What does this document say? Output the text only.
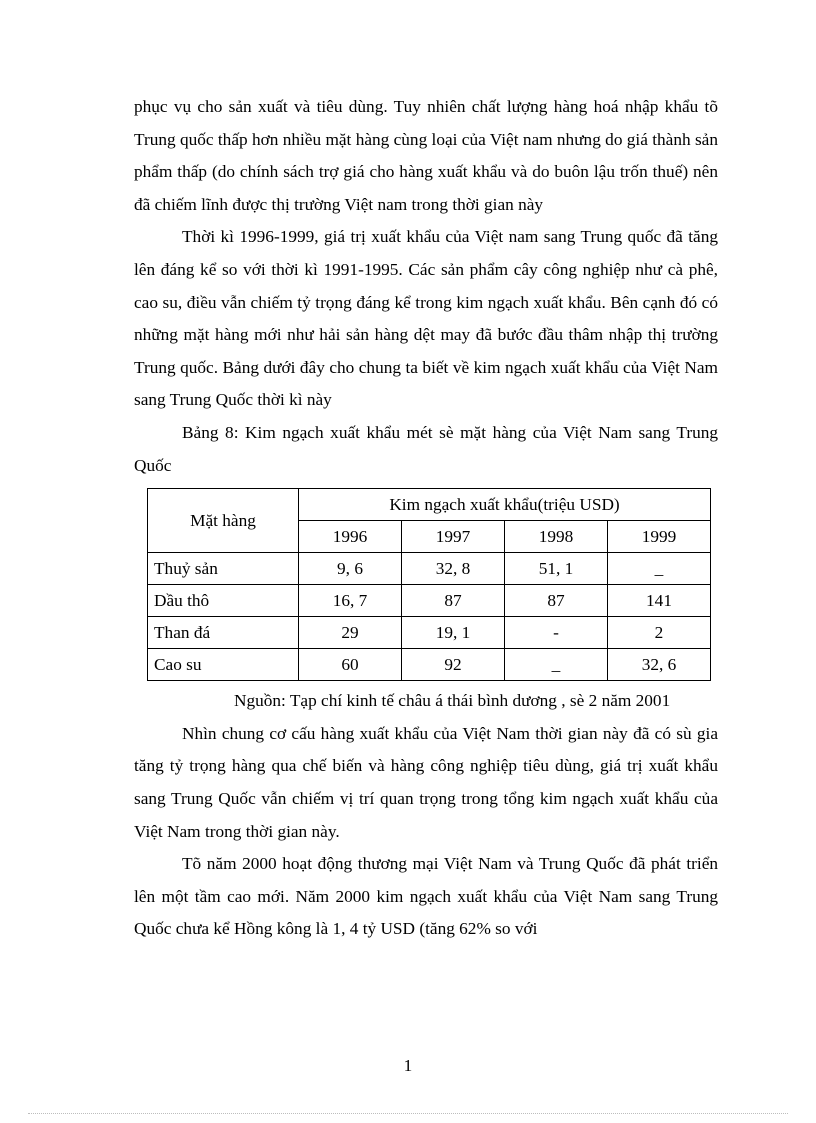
phục vụ cho sản xuất và tiêu dùng. Tuy nhiên chất lượng hàng hoá nhập khẩu tõ Trung quốc thấp hơn nhiều mặt hàng cùng loại của Việt nam nhưng do giá thành sản phẩm thấp (do chính sách trợ giá cho hàng xuất khẩu và do buôn lậu trốn thuế) nên đã chiếm lĩnh được thị trường Việt nam trong thời gian này

Thời kì 1996-1999, giá trị xuất khẩu của Việt nam sang Trung quốc đã tăng lên đáng kể so với thời kì 1991-1995. Các sản phẩm cây công nghiệp như cà phê, cao su, điều vẫn chiếm tỷ trọng đáng kể trong kim ngạch xuất khẩu. Bên cạnh đó có những mặt hàng mới như hải sản hàng dệt may đã bước đầu thâm nhập thị trường Trung quốc. Bảng dưới đây cho chung ta biết về kim ngạch xuất khẩu của Việt Nam sang Trung Quốc thời kì này

Bảng 8: Kim ngạch xuất khẩu mét sè mặt hàng của Việt Nam sang Trung Quốc

Mặt hàng	Kim ngạch xuất khẩu(triệu USD)			
	1996	1997	1998	1999
Thuỷ sản	9, 6	32, 8	51, 1	_
Dầu thô	16, 7	87	87	141
Than đá	29	19, 1	-	2
Cao su	60	92	_	32, 6

Nguồn: Tạp chí kinh tế châu á thái bình dương , sè 2 năm 2001

Nhìn chung cơ cấu hàng xuất khẩu của Việt Nam thời gian này đã có sù gia tăng tỷ trọng hàng qua chế biến và hàng công nghiệp tiêu dùng, giá trị xuất khẩu sang Trung Quốc vẫn chiếm vị trí quan trọng trong tổng kim ngạch xuất khẩu của Việt Nam trong thời gian này.

Tõ năm 2000 hoạt động thương mại Việt Nam và Trung Quốc đã phát triển lên một tầm cao mới. Năm 2000 kim ngạch xuất khẩu của Việt Nam sang Trung Quốc chưa kể Hồng kông là 1, 4 tỷ USD (tăng 62% so với

1
